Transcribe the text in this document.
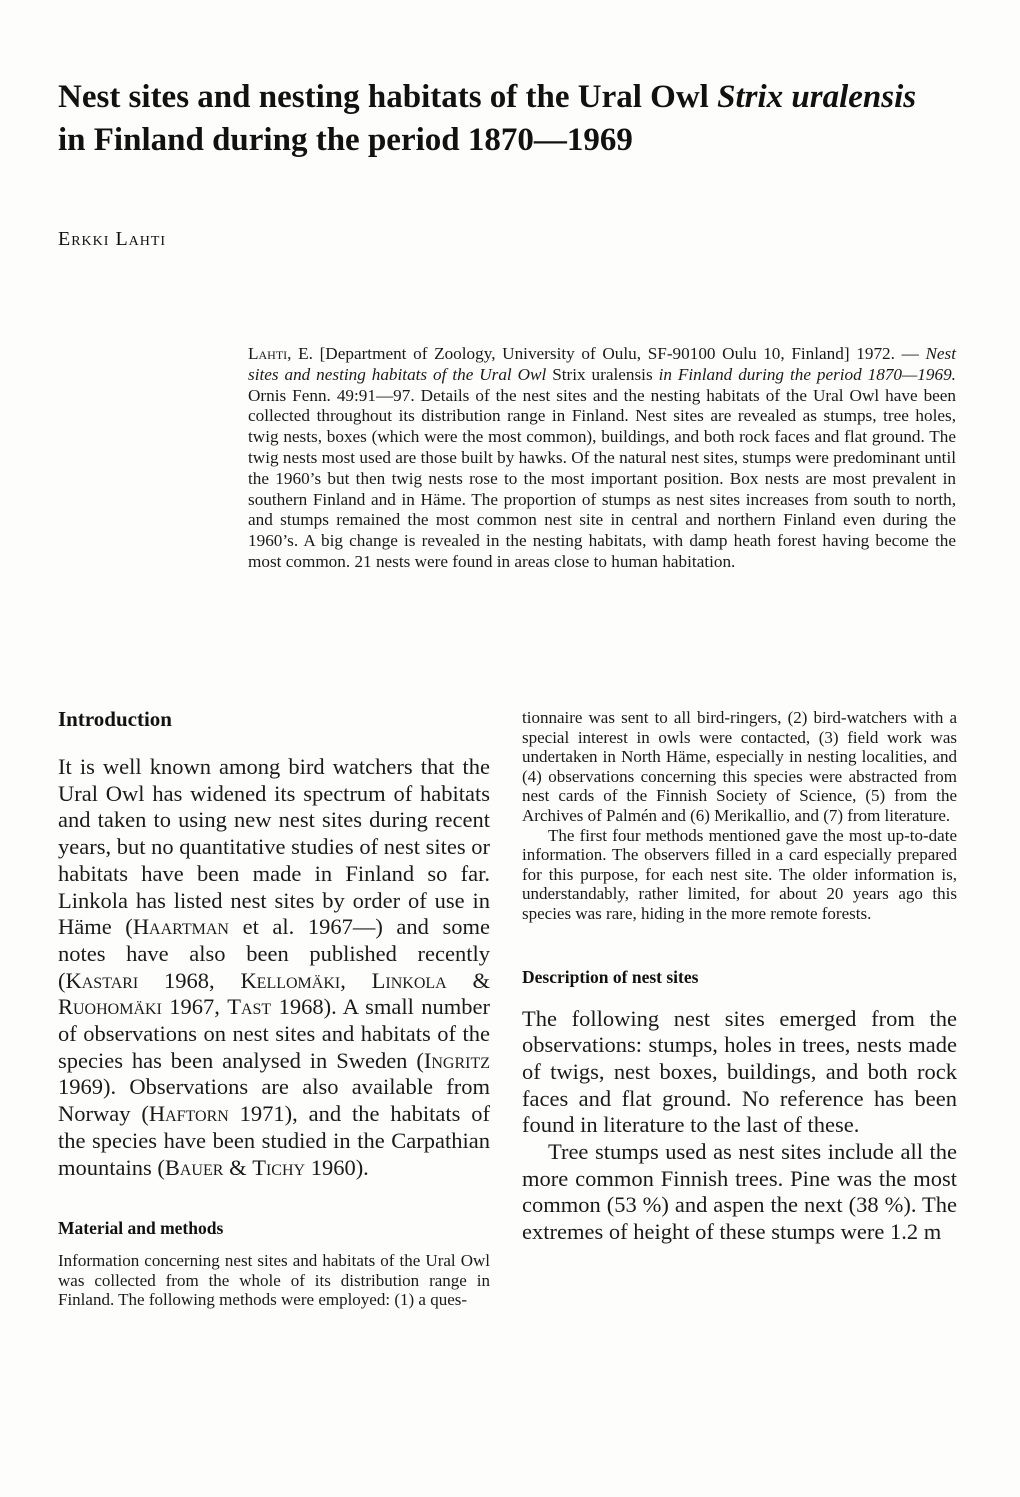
Nest sites and nesting habitats of the Ural Owl Strix uralensis
in Finland during the period 1870—1969
Erkki Lahti
Lahti, E. [Department of Zoology, University of Oulu, SF-90100 Oulu 10, Finland] 1972. — Nest sites and nesting habitats of the Ural Owl Strix uralensis in Finland during the period 1870—1969. Ornis Fenn. 49:91—97. Details of the nest sites and the nesting habitats of the Ural Owl have been collected throughout its distribution range in Finland. Nest sites are revealed as stumps, tree holes, twig nests, boxes (which were the most common), buildings, and both rock faces and flat ground. The twig nests most used are those built by hawks. Of the natural nest sites, stumps were predominant until the 1960’s but then twig nests rose to the most important position. Box nests are most prevalent in southern Finland and in Häme. The proportion of stumps as nest sites increases from south to north, and stumps remained the most common nest site in central and northern Finland even during the 1960’s. A big change is revealed in the nesting habitats, with damp heath forest having become the most common. 21 nests were found in areas close to human habitation.
Introduction

It is well known among bird watchers that the Ural Owl has widened its spectrum of habitats and taken to using new nest sites during recent years, but no quantitative studies of nest sites or habitats have been made in Finland so far. Linkola has listed nest sites by order of use in Häme (Haartman et al. 1967—) and some notes have also been published recently (Kastari 1968, Kellomäki, Linkola & Ruohomäki 1967, Tast 1968). A small number of observations on nest sites and habitats of the species has been analysed in Sweden (Ingritz 1969). Observations are also available from Norway (Haftorn 1971), and the habitats of the species have been studied in the Carpathian mountains (Bauer & Tichy 1960).

Material and methods

Information concerning nest sites and habitats of the Ural Owl was collected from the whole of its distribution range in Finland. The following methods were employed: (1) a ques-

tionnaire was sent to all bird-ringers, (2) bird-watchers with a special interest in owls were contacted, (3) field work was undertaken in North Häme, especially in nesting localities, and (4) observations concerning this species were abstracted from nest cards of the Finnish Society of Science, (5) from the Archives of Palmén and (6) Merikallio, and (7) from literature.

The first four methods mentioned gave the most up-to-date information. The observers filled in a card especially prepared for this purpose, for each nest site. The older information is, understandably, rather limited, for about 20 years ago this species was rare, hiding in the more remote forests.

Description of nest sites

The following nest sites emerged from the observations: stumps, holes in trees, nests made of twigs, nest boxes, buildings, and both rock faces and flat ground. No reference has been found in literature to the last of these.

Tree stumps used as nest sites include all the more common Finnish trees. Pine was the most common (53 %) and aspen the next (38 %). The extremes of height of these stumps were 1.2 m
